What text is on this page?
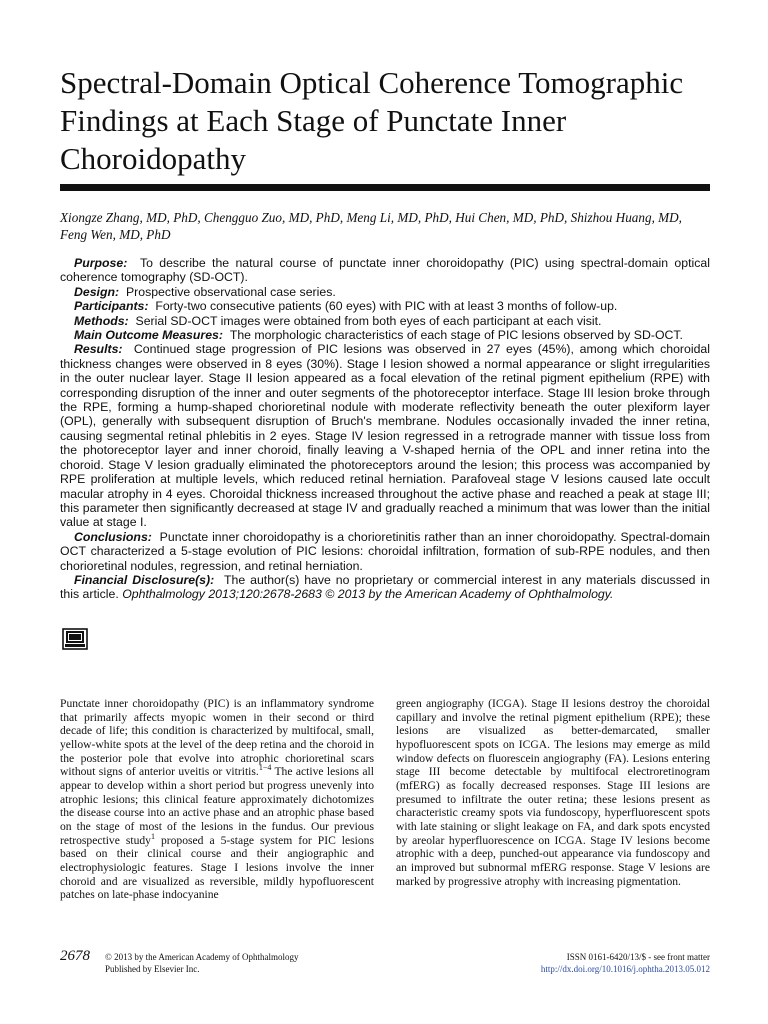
Spectral-Domain Optical Coherence Tomographic Findings at Each Stage of Punctate Inner Choroidopathy
Xiongze Zhang, MD, PhD, Chengguo Zuo, MD, PhD, Meng Li, MD, PhD, Hui Chen, MD, PhD, Shizhou Huang, MD, Feng Wen, MD, PhD

Purpose: To describe the natural course of punctate inner choroidopathy (PIC) using spectral-domain optical coherence tomography (SD-OCT).

Design: Prospective observational case series.

Participants: Forty-two consecutive patients (60 eyes) with PIC with at least 3 months of follow-up.

Methods: Serial SD-OCT images were obtained from both eyes of each participant at each visit.

Main Outcome Measures: The morphologic characteristics of each stage of PIC lesions observed by SD-OCT.

Results: Continued stage progression of PIC lesions was observed in 27 eyes (45%), among which choroidal thickness changes were observed in 8 eyes (30%). Stage I lesion showed a normal appearance or slight irregularities in the outer nuclear layer. Stage II lesion appeared as a focal elevation of the retinal pigment epithelium (RPE) with corresponding disruption of the inner and outer segments of the photoreceptor interface. Stage III lesion broke through the RPE, forming a hump-shaped chorioretinal nodule with moderate reflectivity beneath the outer plexiform layer (OPL), generally with subsequent disruption of Bruch's membrane. Nodules occasionally invaded the inner retina, causing segmental retinal phlebitis in 2 eyes. Stage IV lesion regressed in a retrograde manner with tissue loss from the photoreceptor layer and inner choroid, finally leaving a V-shaped hernia of the OPL and inner retina into the choroid. Stage V lesion gradually eliminated the photoreceptors around the lesion; this process was accompanied by RPE proliferation at multiple levels, which reduced retinal herniation. Parafoveal stage V lesions caused late occult macular atrophy in 4 eyes. Choroidal thickness increased throughout the active phase and reached a peak at stage III; this parameter then significantly decreased at stage IV and gradually reached a minimum that was lower than the initial value at stage I.

Conclusions: Punctate inner choroidopathy is a chorioretinitis rather than an inner choroidopathy. Spectral-domain OCT characterized a 5-stage evolution of PIC lesions: choroidal infiltration, formation of sub-RPE nodules, and then chorioretinal nodules, regression, and retinal herniation.

Financial Disclosure(s): The author(s) have no proprietary or commercial interest in any materials discussed in this article. Ophthalmology 2013;120:2678-2683 © 2013 by the American Academy of Ophthalmology.

Punctate inner choroidopathy (PIC) is an inflammatory syndrome that primarily affects myopic women in their second or third decade of life; this condition is characterized by multifocal, small, yellow-white spots at the level of the deep retina and the choroid in the posterior pole that evolve into atrophic chorioretinal scars without signs of anterior uveitis or vitritis.$^{1-4}$ The active lesions all appear to develop within a short period but progress unevenly into atrophic lesions; this clinical feature approximately dichotomizes the disease course into an active phase and an atrophic phase based on the stage of most of the lesions in the fundus. Our previous retrospective study$^1$ proposed a 5-stage system for PIC lesions based on their clinical course and their angiographic and electrophysiologic features. Stage I lesions involve the inner choroid and are visualized as reversible, mildly hypofluorescent patches on late-phase indocyanine

green angiography (ICGA). Stage II lesions destroy the choroidal capillary and involve the retinal pigment epithelium (RPE); these lesions are visualized as better-demarcated, smaller hypofluorescent spots on ICGA. The lesions may emerge as mild window defects on fluorescein angiography (FA). Lesions entering stage III become detectable by multifocal electroretinogram (mfERG) as focally decreased responses. Stage III lesions are presumed to infiltrate the outer retina; these lesions present as characteristic creamy spots via fundoscopy, hyperfluorescent spots with late staining or slight leakage on FA, and dark spots encysted by areolar hyperfluorescence on ICGA. Stage IV lesions become atrophic with a deep, punched-out appearance via fundoscopy and an improved but subnormal mfERG response. Stage V lesions are marked by progressive atrophy with increasing pigmentation.

2678 © 2013 by the American Academy of Ophthalmology
Published by Elsevier Inc.
ISSN 0161-6420/13/$ - see front matter
http://dx.doi.org/10.1016/j.ophtha.2013.05.012
